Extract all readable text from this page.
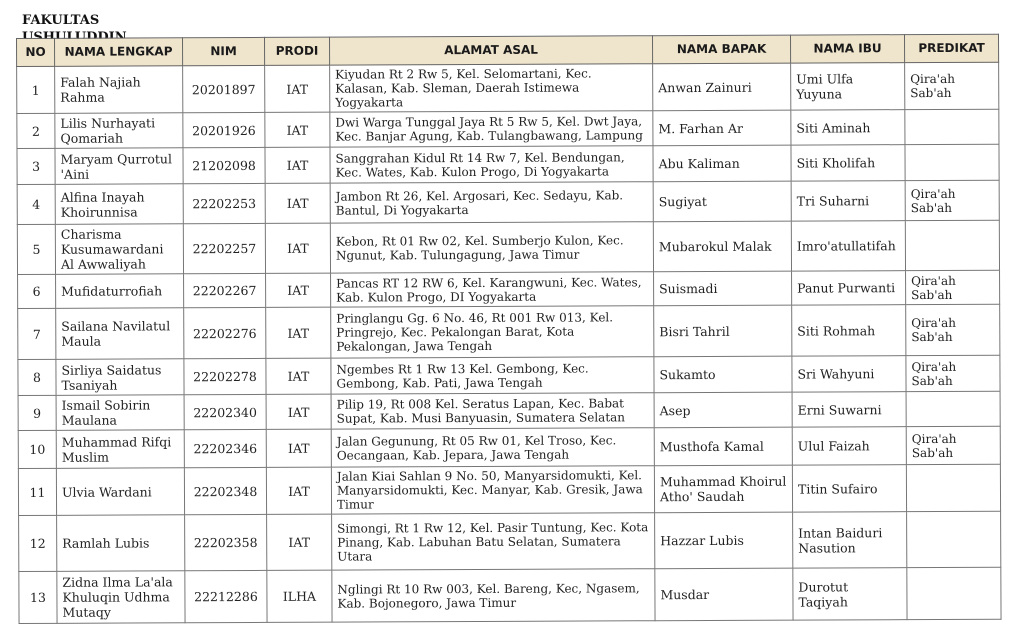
FAKULTAS
NO	NAMA LENGKAP	NIM	PRODI	ALAMAT ASAL	NAMA BAPAK	NAMA IBU	PREDIKAT
1	Falah Najiah Rahma	20201897	IAT	Kiyudan Rt 2 Rw 5, Kel. Selomartani, Kec. Kalasan, Kab. Sleman, Daerah Istimewa Yogyakarta	Anwan Zainuri	Umi Ulfa Yuyuna	Qira'ah Sab'ah
2	Lilis Nurhayati Qomariah	20201926	IAT	Dwi Warga Tunggal Jaya Rt 5 Rw 5, Kel. Dwt Jaya, Kec. Banjar Agung, Kab. Tulangbawang, Lampung	M. Farhan Ar	Siti Aminah	
3	Maryam Qurrotul 'Aini	21202098	IAT	Sanggrahan Kidul Rt 14 Rw 7, Kel. Bendungan, Kec. Wates, Kab. Kulon Progo, Di Yogyakarta	Abu Kaliman	Siti Kholifah	
4	Alfina Inayah Khoirunnisa	22202253	IAT	Jambon Rt 26, Kel. Argosari, Kec. Sedayu, Kab. Bantul, Di Yogyakarta	Sugiyat	Tri Suharni	Qira'ah Sab'ah
5	Charisma Kusumawardani Al Awwaliyah	22202257	IAT	Kebon, Rt 01 Rw 02, Kel. Sumberjo Kulon, Kec. Ngunut, Kab. Tulungagung, Jawa Timur	Mubarokul Malak	Imro'atullatifah	
6	Mufidaturrofiah	22202267	IAT	Pancas RT 12 RW 6, Kel. Karangwuni, Kec. Wates, Kab. Kulon Progo, DI Yogyakarta	Suismadi	Panut Purwanti	Qira'ah Sab'ah
7	Sailana Navilatul Maula	22202276	IAT	Pringlangu Gg. 6 No. 46, Rt 001 Rw 013, Kel. Pringrejo, Kec. Pekalongan Barat, Kota Pekalongan, Jawa Tengah	Bisri Tahril	Siti Rohmah	Qira'ah Sab'ah
8	Sirliya Saidatus Tsaniyah	22202278	IAT	Ngembes Rt 1 Rw 13 Kel. Gembong, Kec. Gembong, Kab. Pati, Jawa Tengah	Sukamto	Sri Wahyuni	Qira'ah Sab'ah
9	Ismail Sobirin Maulana	22202340	IAT	Pilip 19, Rt 008 Kel. Seratus Lapan, Kec. Babat Supat, Kab. Musi Banyuasin, Sumatera Selatan	Asep	Erni Suwarni	
10	Muhammad Rifqi Muslim	22202346	IAT	Jalan Gegunung, Rt 05 Rw 01, Kel Troso, Kec. Oecangaan, Kab. Jepara, Jawa Tengah	Musthofa Kamal	Ulul Faizah	Qira'ah Sab'ah
11	Ulvia Wardani	22202348	IAT	Jalan Kiai Sahlan 9 No. 50, Manyarsidomukti, Kel. Manyarsidomukti, Kec. Manyar, Kab. Gresik, Jawa Timur	Muhammad Khoirul Atho' Saudah	Titin Sufairo	
12	Ramlah Lubis	22202358	IAT	Simongi, Rt 1 Rw 12, Kel. Pasir Tuntung, Kec. Kota Pinang, Kab. Labuhan Batu Selatan, Sumatera Utara	Hazzar Lubis	Intan Baiduri Nasution	
13	Zidna Ilma La'ala Khuluqin Udhma Mutaqy	22212286	ILHA	Nglingi Rt 10 Rw 003, Kel. Bareng, Kec, Ngasem, Kab. Bojonegoro, Jawa Timur	Musdar	Durotut Taqiyah	
